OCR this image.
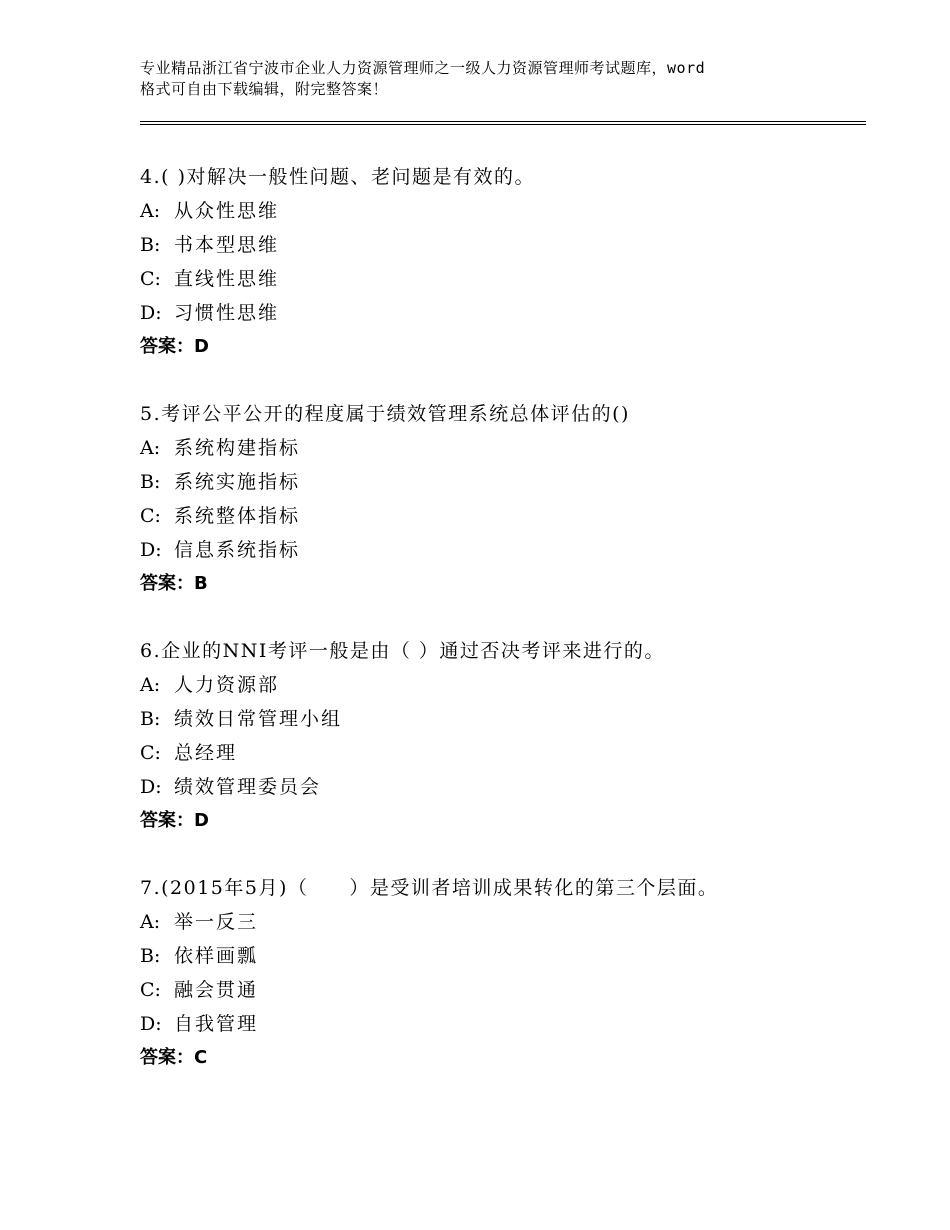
专业精品浙江省宁波市企业人力资源管理师之一级人力资源管理师考试题库，word
格式可自由下载编辑，附完整答案！
4.( )对解决一般性问题、老问题是有效的。
A: 从众性思维
B: 书本型思维
C: 直线性思维
D: 习惯性思维
答案：D
5.考评公平公开的程度属于绩效管理系统总体评估的()
A: 系统构建指标
B: 系统实施指标
C: 系统整体指标
D: 信息系统指标
答案：B
6.企业的NNI考评一般是由（ ）通过否决考评来进行的。
A: 人力资源部
B: 绩效日常管理小组
C: 总经理
D: 绩效管理委员会
答案：D
7.(2015年5月)（　　）是受训者培训成果转化的第三个层面。
A: 举一反三
B: 依样画瓢
C: 融会贯通
D: 自我管理
答案：C
